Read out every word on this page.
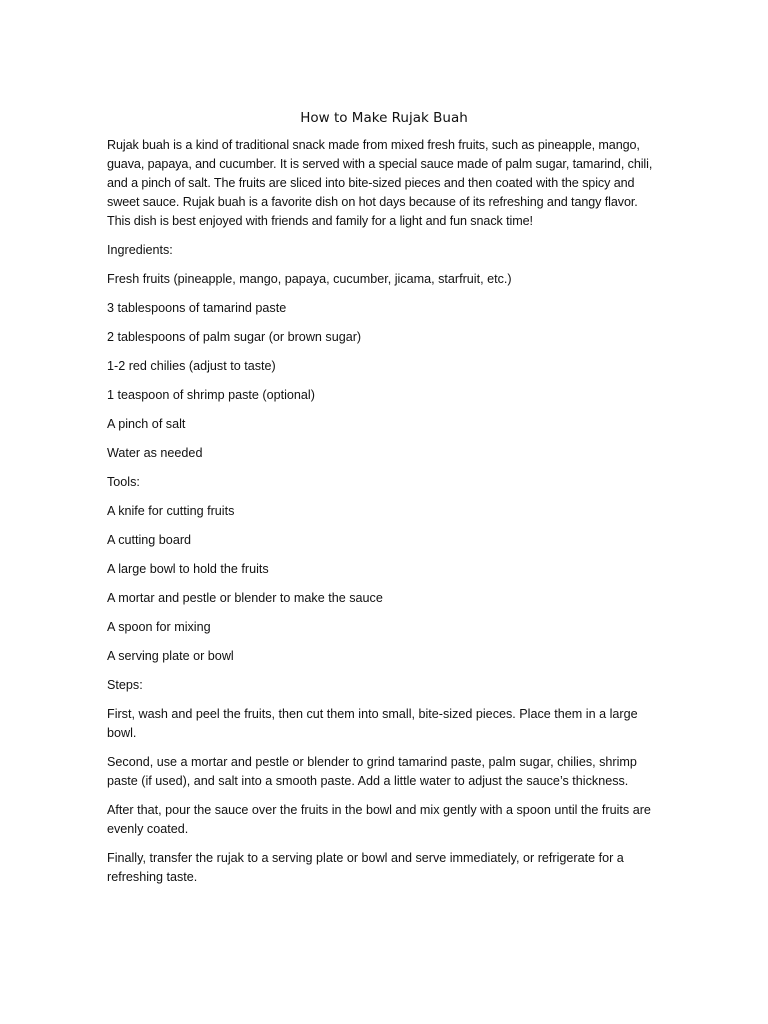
How to Make Rujak Buah

Rujak buah is a kind of traditional snack made from mixed fresh fruits, such as pineapple, mango, guava, papaya, and cucumber. It is served with a special sauce made of palm sugar, tamarind, chili, and a pinch of salt. The fruits are sliced into bite-sized pieces and then coated with the spicy and sweet sauce. Rujak buah is a favorite dish on hot days because of its refreshing and tangy flavor. This dish is best enjoyed with friends and family for a light and fun snack time!

Ingredients:

Fresh fruits (pineapple, mango, papaya, cucumber, jicama, starfruit, etc.)

3 tablespoons of tamarind paste

2 tablespoons of palm sugar (or brown sugar)

1-2 red chilies (adjust to taste)

1 teaspoon of shrimp paste (optional)

A pinch of salt

Water as needed

Tools:

A knife for cutting fruits

A cutting board

A large bowl to hold the fruits

A mortar and pestle or blender to make the sauce

A spoon for mixing

A serving plate or bowl

Steps:

First, wash and peel the fruits, then cut them into small, bite-sized pieces. Place them in a large bowl.

Second, use a mortar and pestle or blender to grind tamarind paste, palm sugar, chilies, shrimp paste (if used), and salt into a smooth paste. Add a little water to adjust the sauce’s thickness.

After that, pour the sauce over the fruits in the bowl and mix gently with a spoon until the fruits are evenly coated.

Finally, transfer the rujak to a serving plate or bowl and serve immediately, or refrigerate for a refreshing taste.
